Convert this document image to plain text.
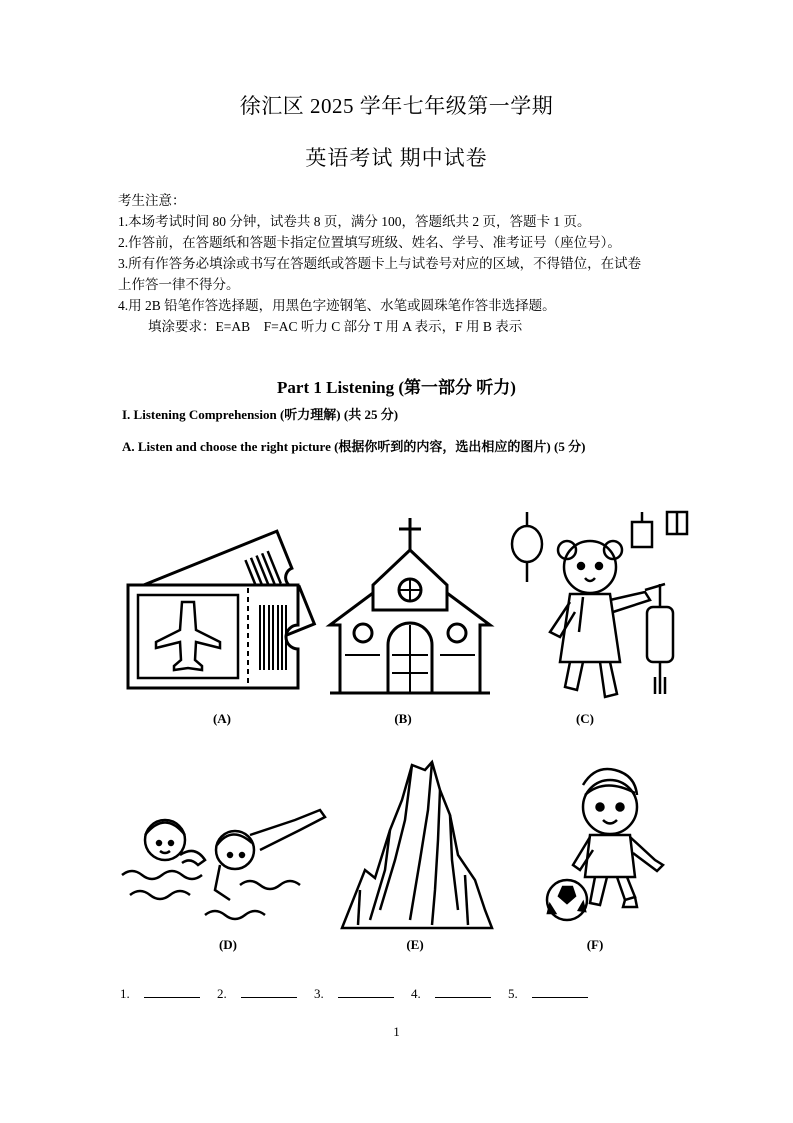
徐汇区 2025 学年七年级第一学期
英语考试 期中试卷
考生注意：
1.本场考试时间 80 分钟，试卷共 8 页，满分 100，答题纸共 2 页，答题卡 1 页。
2.作答前，在答题纸和答题卡指定位置填写班级、姓名、学号、准考证号（座位号）。
3.所有作答务必填涂或书写在答题纸或答题卡上与试卷号对应的区域，不得错位，在试卷
上作答一律不得分。
4.用 2B 铅笔作答选择题，用黑色字迹钢笔、水笔或圆珠笔作答非选择题。
填涂要求：E=AB　F=AC 听力 C 部分 T 用 A 表示，F 用 B 表示
Part 1 Listening (第一部分 听力)
I. Listening Comprehension (听力理解) (共 25 分)
A. Listen and choose the right picture (根据你听到的内容，选出相应的图片) (5 分)
(A)	(B)	(C)
(D)	(E)	(F)
1.	2.	3.	4.	5.
1
